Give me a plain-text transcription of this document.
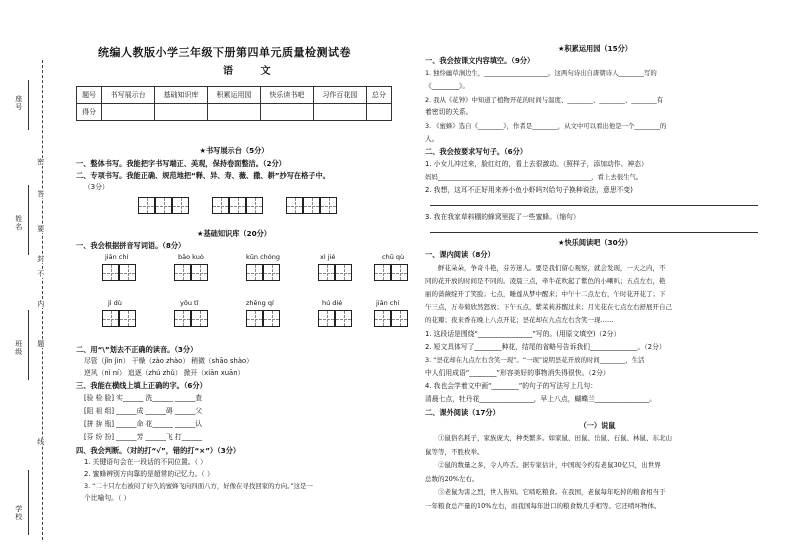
学校
班级
姓名
座号
密
封
线
内
不
要
答
题
统编人教版小学三年级下册第四单元质量检测试卷
语 文
题号	书写展示台	基础知识库	积累运用园	快乐读书吧	习作百花园	总分
得分						
★书写展示台（5分）
一、整体书写。我能把字书写端正、美观，保持卷面整洁。（2分）
二、专项书写。我能正确、规范地把“释、异、寿、薇、撒、耕”抄写在格子中。
（3分）
★基础知识库（20分）
一、我会根据拼音写词语。（8分）
jiān chí	bāo kuò	kūn chóng	xì jié	chū qù
jì dù	yōu tǐ	zhěng qí	hú dié	jiān chí
二、用“\”划去不正确的读音。（3分）
尽管（jǐn jìn） 干燥（zào zhào） 稍微（shāo shào）
逆风（nì ní） 追逐（zhú zhǔ） 掀开（xiān xuān）
三、我能在横线上填上正确的字。（6分）
[验 检 脸] 实______ 洗______ ______査
[阻 祖 组] ______成 ______碍 ______父
[拼 拚 瓶] ______命 花______ ______认
[芬 纷 扮] ______芳 ______飞 打______
四、我会判断。（对的打“√”，错的打“×”）（3分）
1. 关键语句会在一段话的不同位置。（ ）
2. 蜜蜂辨别方向靠的是超常的记忆力。（ ）
3. “二十只左右被闷了好久的蜜蜂飞向四面八方，好像在寻找回家的方向。”这是一
个比喻句。（ ）
★积累运用园（15分）
一、我会按课文内容填空。（9分）
1. 独怜幽草涧边生，____________________。这两句诗出自唐朝诗人________写的
《________》。
2. 我从《花钟》中知道了植物开花的时间与温度、________、________、________有
着密切的关系。
3. 《蜜蜂》选自《________》，作者是________，从文中可以看出他是一个________的
人。
二、我会按要求写句子。（6分）
1. 小女儿冲过来，脸红红的，看上去很激动。（照样子，添加动作、神态）
妈妈________________________________________________，看上去很生气。
2. 我想，这耳不正好用来养小鱼小虾吗?(给句子换种说法，意思不变)
3. 我在我家草料棚的蜂窝里捉了一些蜜蜂。（缩句）
★快乐阅读吧（30分）
一、课内阅读（8分）

鲜花朵朵，争奇斗艳，芬芳迷人。要是我们留心观察，就会发现，一天之内，不

同的花开放的时间是不同的。凌晨三点，牵牛花吹起了紫色的小喇叭；五点左右，艳
丽的蔷薇绽开了笑脸；七点，睡莲从梦中醒来；中午十二点左右，午时花开花了；下
午三点，万寿菊欣然怒放；下午五点，紫茉莉苏醒过来；月光花在七点左右舒展开自己
的花瓣；夜来香在晚上八点开花；昙花却在九点左右含笑一现……
1. 这段话是围绕“________________”写的。(用原文填空)（2分）
2. 短文具体写了________种花，结尾的省略号告诉我们______________。（2分）
3. “昙花却在九点左右含笑一现”。“一现”说明昙花开放的时间________，生活
中人们用成语“________”形容美好的事物消失得很快。（2分）
4. 我也会学着文中画“________”的句子的写法写上几句：
清晨七点，牡丹花________________，早上八点，蝴蝶兰________________。
二、课外阅读（17分）
（一）说鼠
①鼠俗名耗子，家族庞大，种类繁多。如家鼠、田鼠、岳鼠、石鼠、林鼠、东北山
鼠等等，不胜枚举。
②鼠的数量之多，令人咋舌。据专家估计，中国现今约有老鼠30亿只，出世界
总数的20%左右。
③老鼠为害之烈，世人皆知。它啮吃粮食。在我国，老鼠每年吃掉的粮食相当于
一年粮食总产量的10%左右，而我国每年进口的粮食数几乎相等。它还啃坏物体。
